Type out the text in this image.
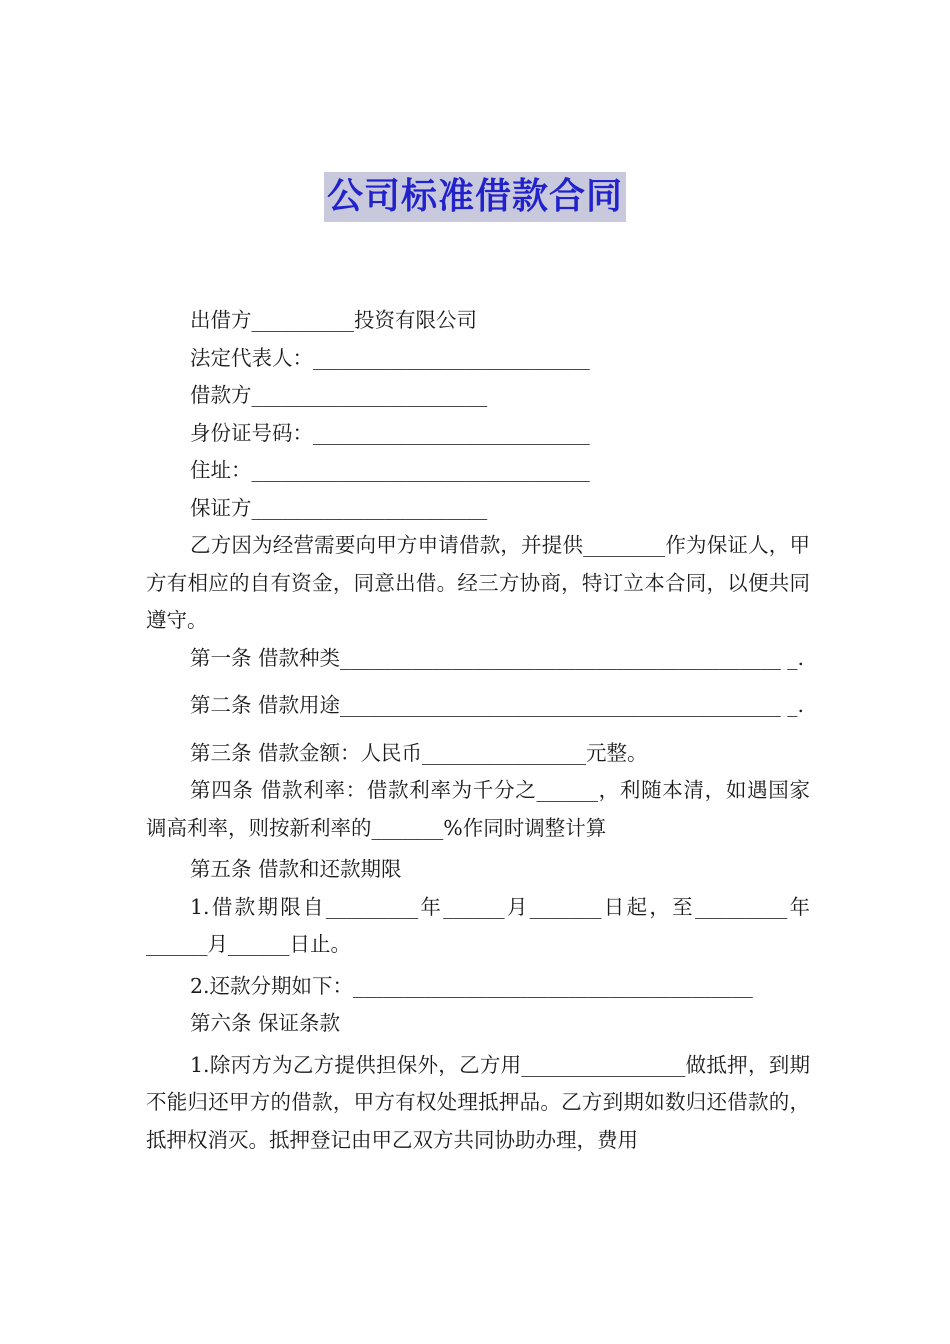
公司标准借款合同

出借方__________投资有限公司

法定代表人：___________________________

借款方_______________________

身份证号码：___________________________

住址：_________________________________

保证方_______________________

乙方因为经营需要向甲方申请借款，并提供________作为保证人，甲方有相应的自有资金，同意出借。经三方协商，特订立本合同，以便共同遵守。

第一条 借款种类___________________________________________ _.

第二条 借款用途___________________________________________ _.

第三条 借款金额：人民币________________元整。

第四条 借款利率：借款利率为千分之______，利随本清，如遇国家调高利率，则按新利率的_______%作同时调整计算

第五条 借款和还款期限

1.借款期限自_________年______月_______日起，至_________年______月______日止。

2.还款分期如下：_______________________________________

第六条 保证条款

1.除丙方为乙方提供担保外，乙方用________________做抵押，到期不能归还甲方的借款，甲方有权处理抵押品。乙方到期如数归还借款的，抵押权消灭。抵押登记由甲乙双方共同协助办理，费用
